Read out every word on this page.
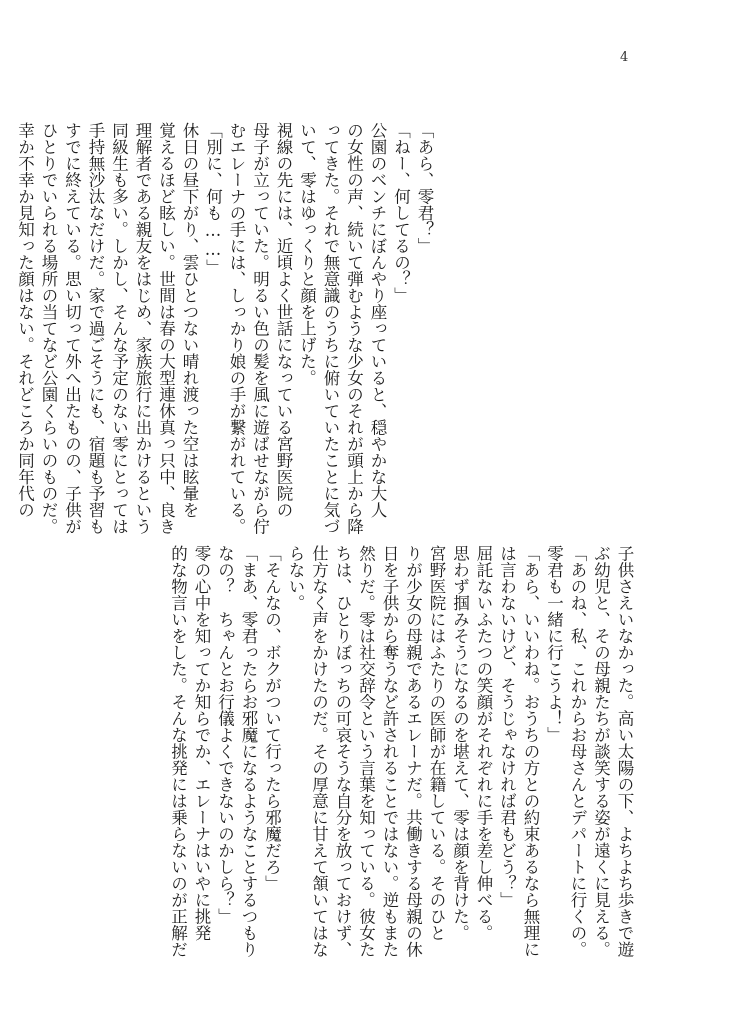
4
「あら、零君？」
「ねー、何してるの？」
公園のベンチにぼんやり座っていると、穏やかな大人
の女性の声、続いて弾むような少女のそれが頭上から降
ってきた。それで無意識のうちに俯いていたことに気づ
いて、零はゆっくりと顔を上げた。
視線の先には、近頃よく世話になっている宮野医院の
母子が立っていた。明るい色の髪を風に遊ばせながら佇
むエレーナの手には、しっかり娘の手が繋がれている。
「別に、何も……」
休日の昼下がり、雲ひとつない晴れ渡った空は眩暈を
覚えるほど眩しい。世間は春の大型連休真っ只中、良き
理解者である親友をはじめ、家族旅行に出かけるという
同級生も多い。しかし、そんな予定のない零にとっては
手持無沙汰なだけだ。家で過ごそうにも、宿題も予習も
すでに終えている。思い切って外へ出たものの、子供が
ひとりでいられる場所の当てなど公園くらいのものだ。
幸か不幸か見知った顔はない。それどころか同年代の
子供さえいなかった。高い太陽の下、よちよち歩きで遊
ぶ幼児と、その母親たちが談笑する姿が遠くに見える。
「あのね、私、これからお母さんとデパートに行くの。
零君も一緒に行こうよ！」
「あら、いいわね。おうちの方との約束あるなら無理に
は言わないけど、そうじゃなければ君もどう？」
屈託ないふたつの笑顔がそれぞれに手を差し伸べる。
思わず掴みそうになるのを堪えて、零は顔を背けた。
宮野医院にはふたりの医師が在籍している。そのひと
りが少女の母親であるエレーナだ。共働きする母親の休
日を子供から奪うなど許されることではない。逆もまた
然りだ。零は社交辞令という言葉を知っている。彼女た
ちは、ひとりぼっちの可哀そうな自分を放っておけず、
仕方なく声をかけたのだ。その厚意に甘えて頷いてはな
らない。
「そんなの、ボクがついて行ったら邪魔だろ」
「まあ、零君ったらお邪魔になるようなことするつもり
なの？　ちゃんとお行儀よくできないのかしら？」
零の心中を知ってか知らでか、エレーナはいやに挑発
的な物言いをした。そんな挑発には乗らないのが正解だ
